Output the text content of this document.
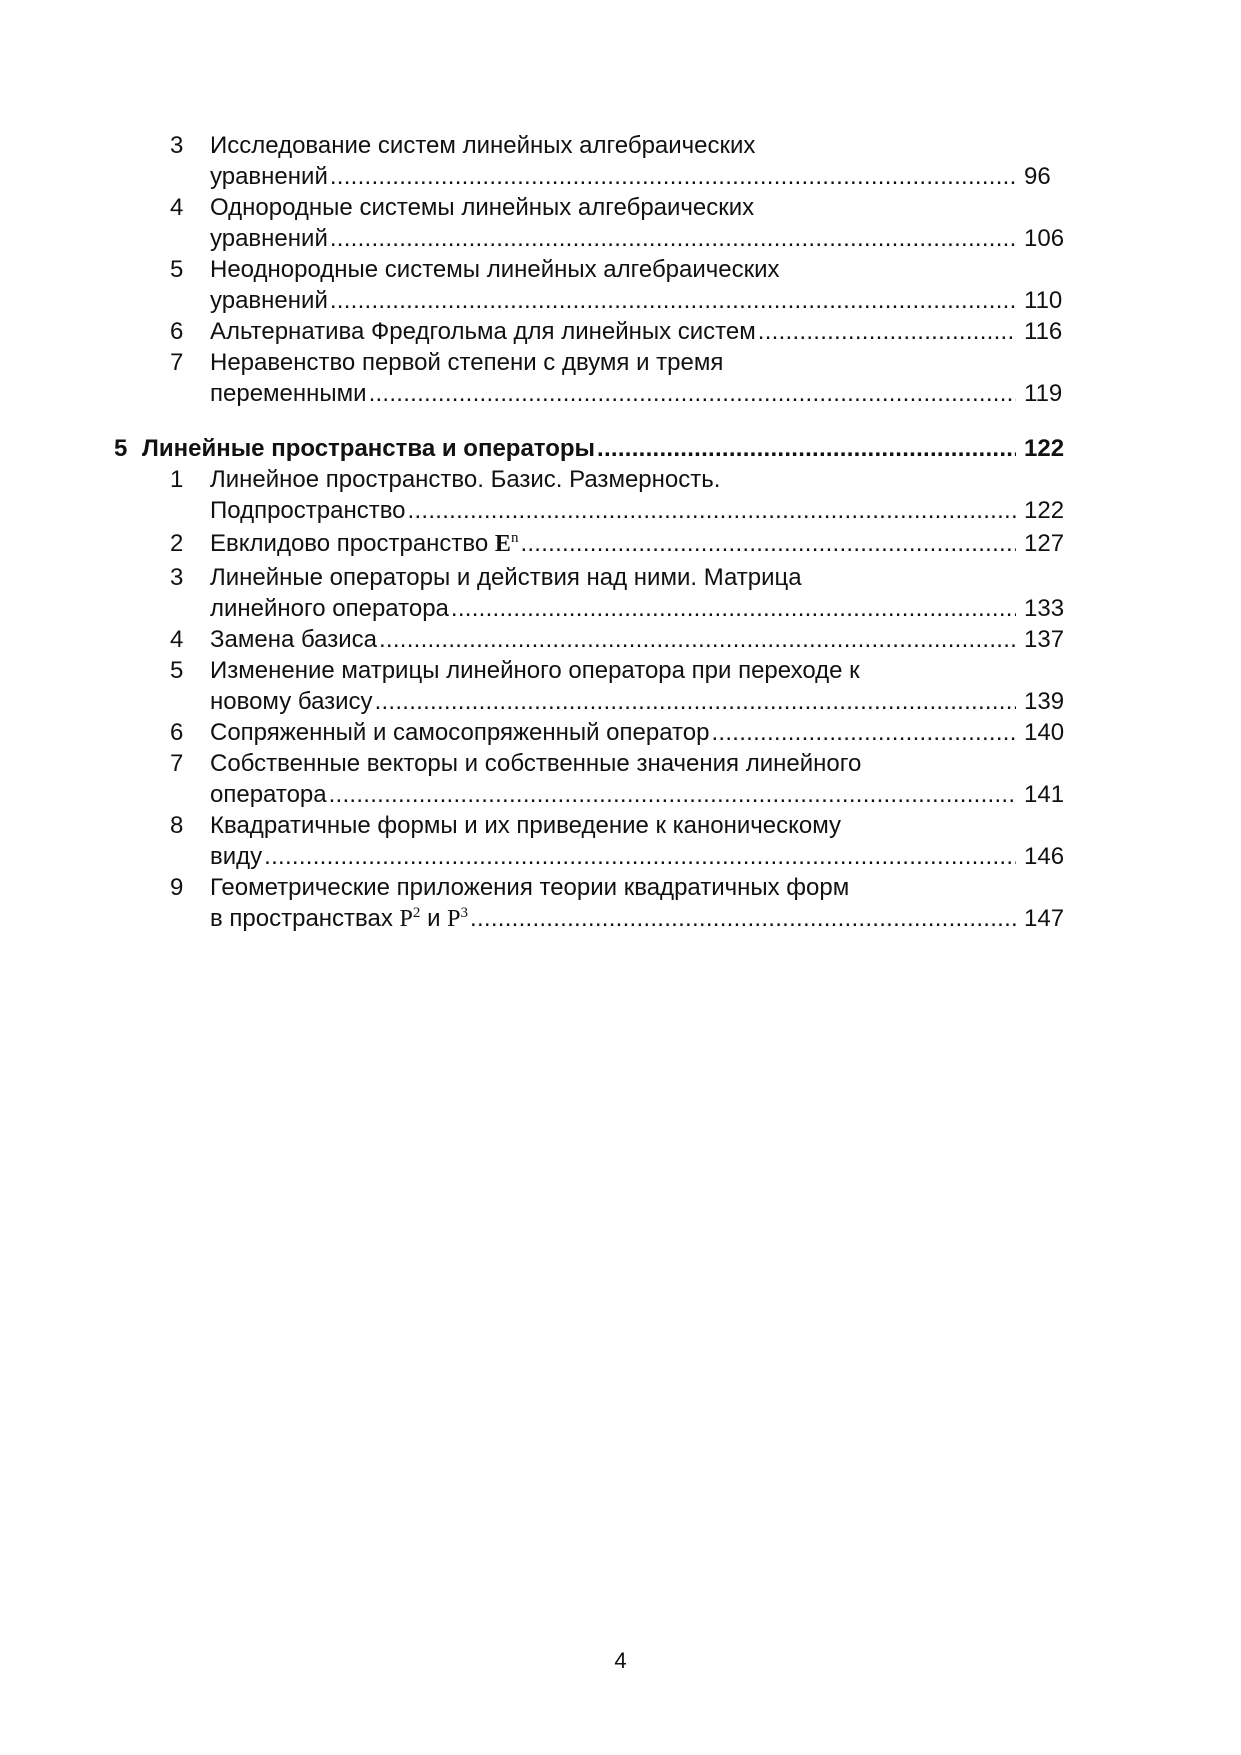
3 Исследование систем линейных алгебраических
уравнений . . .	96
4 Однородные системы линейных алгебраических
уравнений . . .	106
5 Неоднородные системы линейных алгебраических
уравнений . . .	110
6 Альтернатива Фредгольма для линейных систем . . .	116
7 Неравенство первой степени с двумя и тремя
переменными . . .	119
5 Линейные пространства и операторы . . .	122
1 Линейное пространство. Базис. Размерность.
Подпространство . . .	122
2 Евклидово пространство $E^n$ . . .	127
3 Линейные операторы и действия над ними. Матрица
линейного оператора . . .	133
4 Замена базиса . . .	137
5 Изменение матрицы линейного оператора при переходе к
новому базису . . .	139
6 Сопряженный и самосопряженный оператор . . .	140
7 Собственные векторы и собственные значения линейного
оператора . . .	141
8 Квадратичные формы и их приведение к каноническому
виду . . .	146
9 Геометрические приложения теории квадратичных форм
в пространствах $P^2$ и $P^3$ . . .	147
4
